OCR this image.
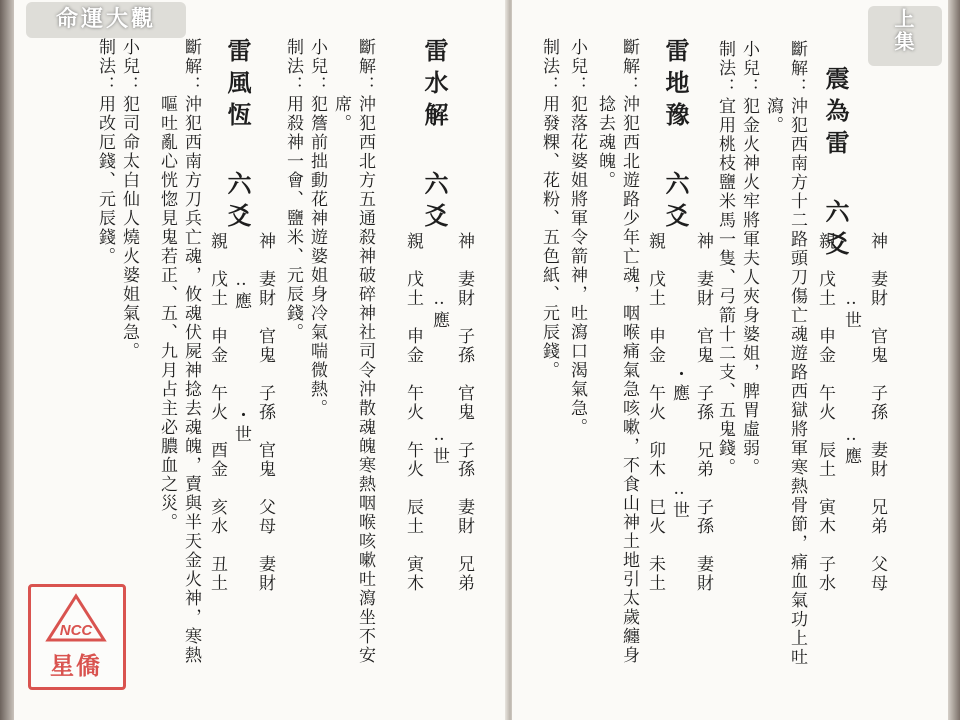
雷水解 六爻
神　妻財　子孫　官鬼　子孫　妻財　兄弟
親　戊土　申金　午火　午火　辰土　寅木 　　　‥應　　　　　‥世　　　　
斷解：沖犯西北方五通殺神破碎神社司令沖散魂魄寒熱咽喉咳嗽吐瀉坐不安
　　　席。
小兒：犯簷前拙動花神遊婆姐身冷氣喘微熱。
制法：用殺神一會、鹽米、元辰錢。
雷風恆 六爻
神　妻財　官鬼　子孫　官鬼　父母　妻財
親　戊土　申金　午火　酉金　亥水　丑土 　　‥應　　　　　・世　　　　
斷解：沖犯西南方刀兵亡魂，攸魂伏屍神捻去魂魄，賣與半天金火神，寒熱
　　　嘔吐亂心恍惚見鬼若正、五、九月占主必膿血之災。
小兒：犯司命太白仙人燒火婆姐氣急。
制法：用改厄錢、元辰錢。	震為雷 六爻
神　妻財　官鬼　子孫　妻財　兄弟　父母
親　戊土　申金　午火　辰土　寅木　子水 　　　‥世　　　　　‥應　　　
斷解：沖犯西南方十二路頭刀傷亡魂遊路西獄將軍寒熱骨節，痛血氣功上吐
　　　瀉。
小兒：犯金火神火牢將軍夫人夾身婆姐，脾胃虛弱。
制法：宜用桃枝鹽米馬一隻、弓箭十二支、五鬼錢。
雷地豫 六爻
神　妻財　官鬼　子孫　兄弟　子孫　妻財
親　戊土　申金　午火　卯木　巳火　未土 　　　　　　　・應　　　　‥世
斷解：沖犯西北遊路少年亡魂，咽喉痛氣急咳嗽，不食山神土地引太歲纏身
　　　捻去魂魄。
小兒：犯落花婆姐將軍令箭神，吐瀉口渴氣急。
制法：用發粿、花粉、五色紙、元辰錢。
命運大觀	上集
NCC
星僑
